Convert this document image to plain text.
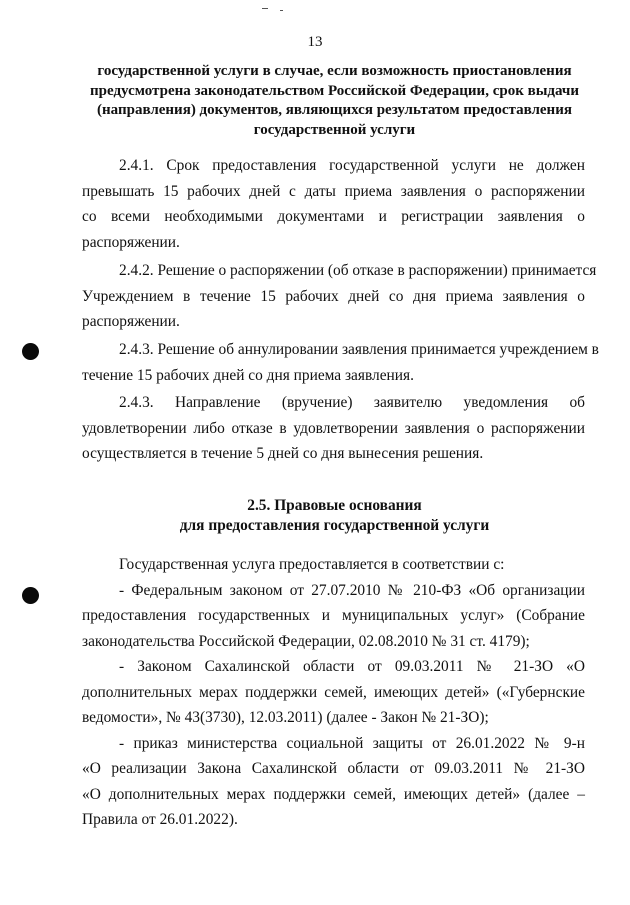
13
государственной услуги в случае, если возможность приостановления
предусмотрена законодательством Российской Федерации, срок выдачи
(направления) документов, являющихся результатом предоставления
государственной услуги
2.4.1. Срок предоставления государственной услуги не должен
превышать 15 рабочих дней с даты приема заявления о распоряжении
со всеми необходимыми документами и регистрации заявления о
распоряжении.
2.4.2. Решение о распоряжении (об отказе в распоряжении) принимается
Учреждением в течение 15 рабочих дней со дня приема заявления о
распоряжении.
2.4.3. Решение об аннулировании заявления принимается учреждением в
течение 15 рабочих дней со дня приема заявления.
2.4.3. Направление (вручение) заявителю уведомления об
удовлетворении либо отказе в удовлетворении заявления о распоряжении
осуществляется в течение 5 дней со дня вынесения решения.
2.5. Правовые основания
для предоставления государственной услуги
Государственная услуга предоставляется в соответствии с:
- Федеральным законом от 27.07.2010 № 210-ФЗ «Об организации
предоставления государственных и муниципальных услуг» (Собрание
законодательства Российской Федерации, 02.08.2010 № 31 ст. 4179);
- Законом Сахалинской области от 09.03.2011 № 21-ЗО «О
дополнительных мерах поддержки семей, имеющих детей» («Губернские
ведомости», № 43(3730), 12.03.2011) (далее - Закон № 21-ЗО);
- приказ министерства социальной защиты от 26.01.2022 № 9-н
«О реализации Закона Сахалинской области от 09.03.2011 № 21-ЗО
«О дополнительных мерах поддержки семей, имеющих детей» (далее –
Правила от 26.01.2022).
